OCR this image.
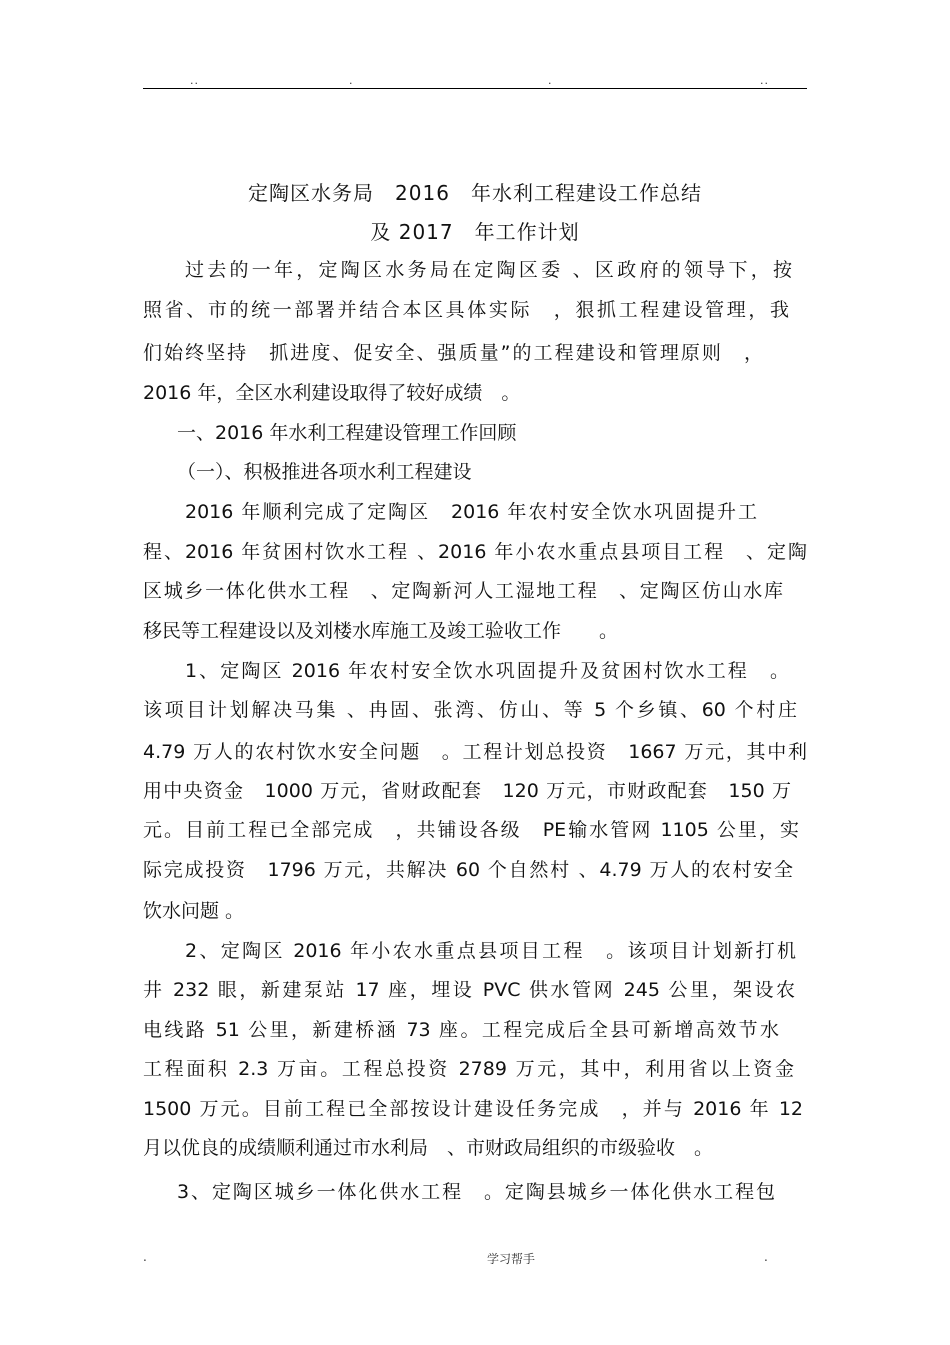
..	.	.	..
定陶区水务局　2016　年水利工程建设工作总结
及 2017　年工作计划
过去的一年，定陶区水务局在定陶区委 、区政府的领导下，按
照省、市的统一部署并结合本区具体实际　，狠抓工程建设管理，我
们始终坚持　抓进度、促安全、强质量”的工程建设和管理原则　，
2016 年，全区水利建设取得了较好成绩　。
一、2016 年水利工程建设管理工作回顾
（一）、积极推进各项水利工程建设
2016 年顺利完成了定陶区　2016 年农村安全饮水巩固提升工
程、2016 年贫困村饮水工程 、2016 年小农水重点县项目工程　、定陶
区城乡一体化供水工程　、定陶新河人工湿地工程　、定陶区仿山水库
移民等工程建设以及刘楼水库施工及竣工验收工作　　。
1、定陶区 2016 年农村安全饮水巩固提升及贫困村饮水工程　。
该项目计划解决马集 、冉固、张湾、仿山、等 5 个乡镇、60 个村庄
4.79 万人的农村饮水安全问题　。工程计划总投资　1667 万元，其中利
用中央资金　1000 万元，省财政配套　120 万元，市财政配套　150 万
元。目前工程已全部完成　，共铺设各级　PE输水管网 1105 公里，实
际完成投资　1796 万元，共解决 60 个自然村 、4.79 万人的农村安全
饮水问题 。
2、定陶区 2016 年小农水重点县项目工程　。该项目计划新打机
井 232 眼，新建泵站 17 座，埋设 PVC 供水管网 245 公里，架设农
电线路 51 公里，新建桥涵 73 座。工程完成后全县可新增高效节水
工程面积 2.3 万亩。工程总投资 2789 万元，其中，利用省以上资金
1500 万元。目前工程已全部按设计建设任务完成　，并与 2016 年 12
月以优良的成绩顺利通过市水利局　、市财政局组织的市级验收　。
3、定陶区城乡一体化供水工程　。定陶县城乡一体化供水工程包
.	学习帮手	.
